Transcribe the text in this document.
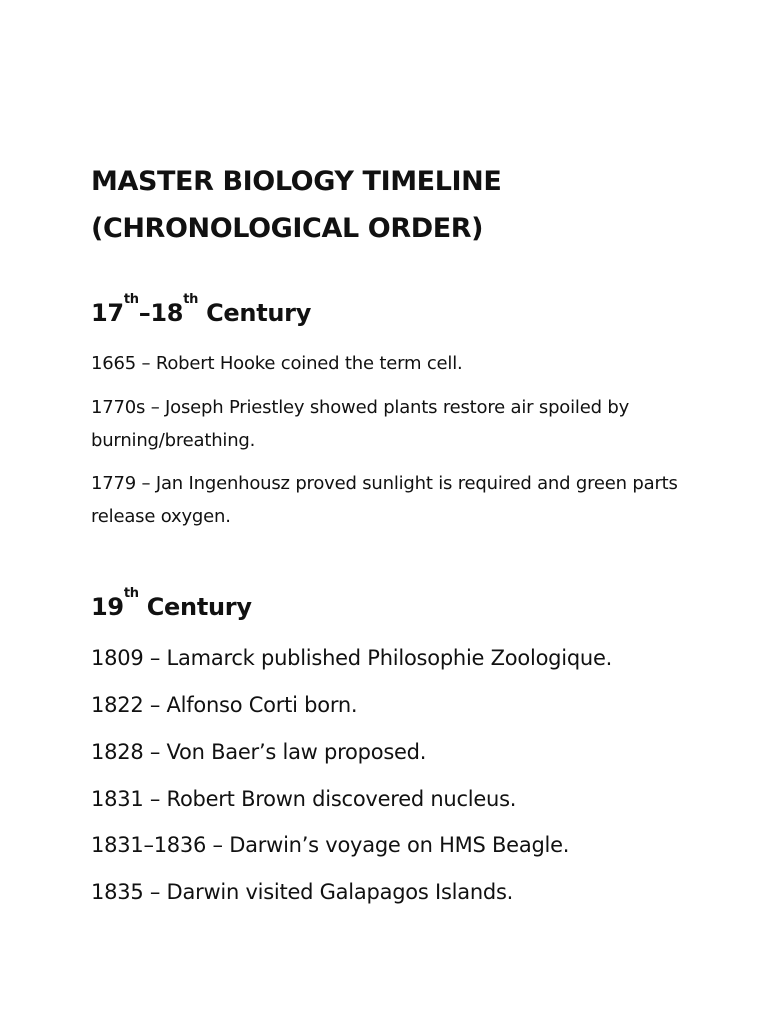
MASTER BIOLOGY TIMELINE
(CHRONOLOGICAL ORDER)
17th–18th Century

1665 – Robert Hooke coined the term cell.

1770s – Joseph Priestley showed plants restore air spoiled by burning/breathing.

1779 – Jan Ingenhousz proved sunlight is required and green parts release oxygen.

19th Century

1809 – Lamarck published Philosophie Zoologique.

1822 – Alfonso Corti born.

1828 – Von Baer’s law proposed.

1831 – Robert Brown discovered nucleus.

1831–1836 – Darwin’s voyage on HMS Beagle.

1835 – Darwin visited Galapagos Islands.
